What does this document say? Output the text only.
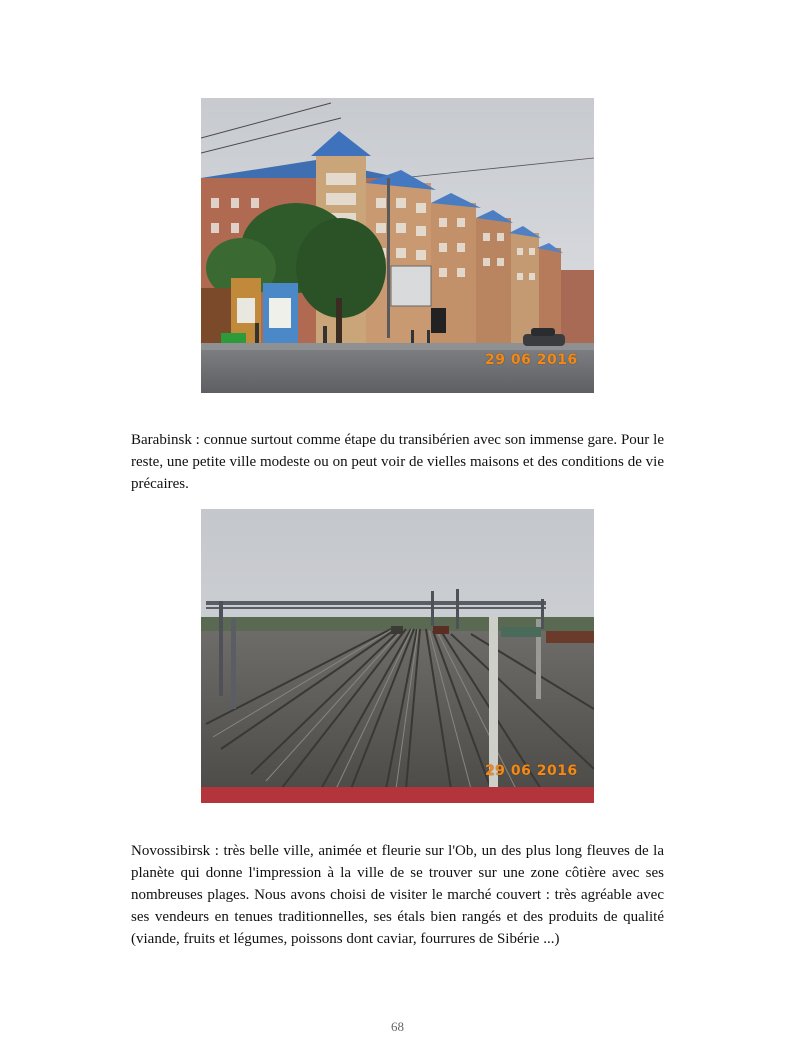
29 06 2016

Barabinsk : connue surtout comme étape du transibérien avec son immense gare. Pour le reste, une petite ville modeste ou on peut voir de vielles maisons et des conditions de vie précaires.

29 06 2016

Novossibirsk : très belle ville, animée et fleurie sur l'Ob, un des plus long fleuves de la planète qui donne l'impression à la ville de se trouver sur une zone côtière avec ses nombreuses plages. Nous avons choisi de visiter le marché couvert : très agréable avec ses vendeurs en tenues traditionnelles, ses étals bien rangés et des produits de qualité (viande, fruits et légumes, poissons dont caviar, fourrures de Sibérie ...)

68
